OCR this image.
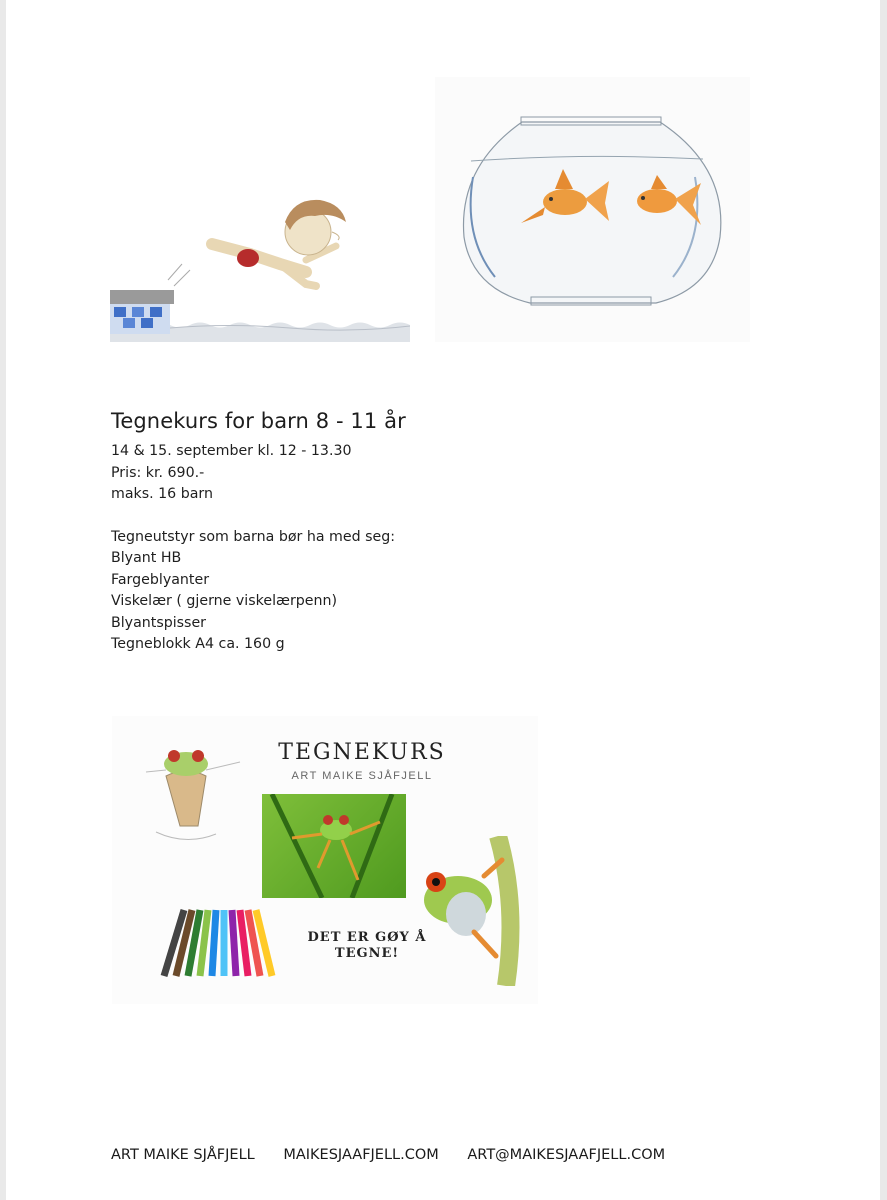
Tegnekurs for barn 8 - 11 år
14 & 15. september kl. 12 - 13.30
Pris: kr. 690.-
maks. 16 barn
Tegneutstyr som barna bør ha med seg:
Blyant HB
Fargeblyanter
Viskelær ( gjerne viskelærpenn)
Blyantspisser
Tegneblokk A4 ca. 160 g
TEGNEKURS
ART MAIKE SJÅFJELL
DET ER GØY Å
TEGNE!
ART MAIKE SJÅFJELL MAIKESJAAFJELL.COM ART@MAIKESJAAFJELL.COM
